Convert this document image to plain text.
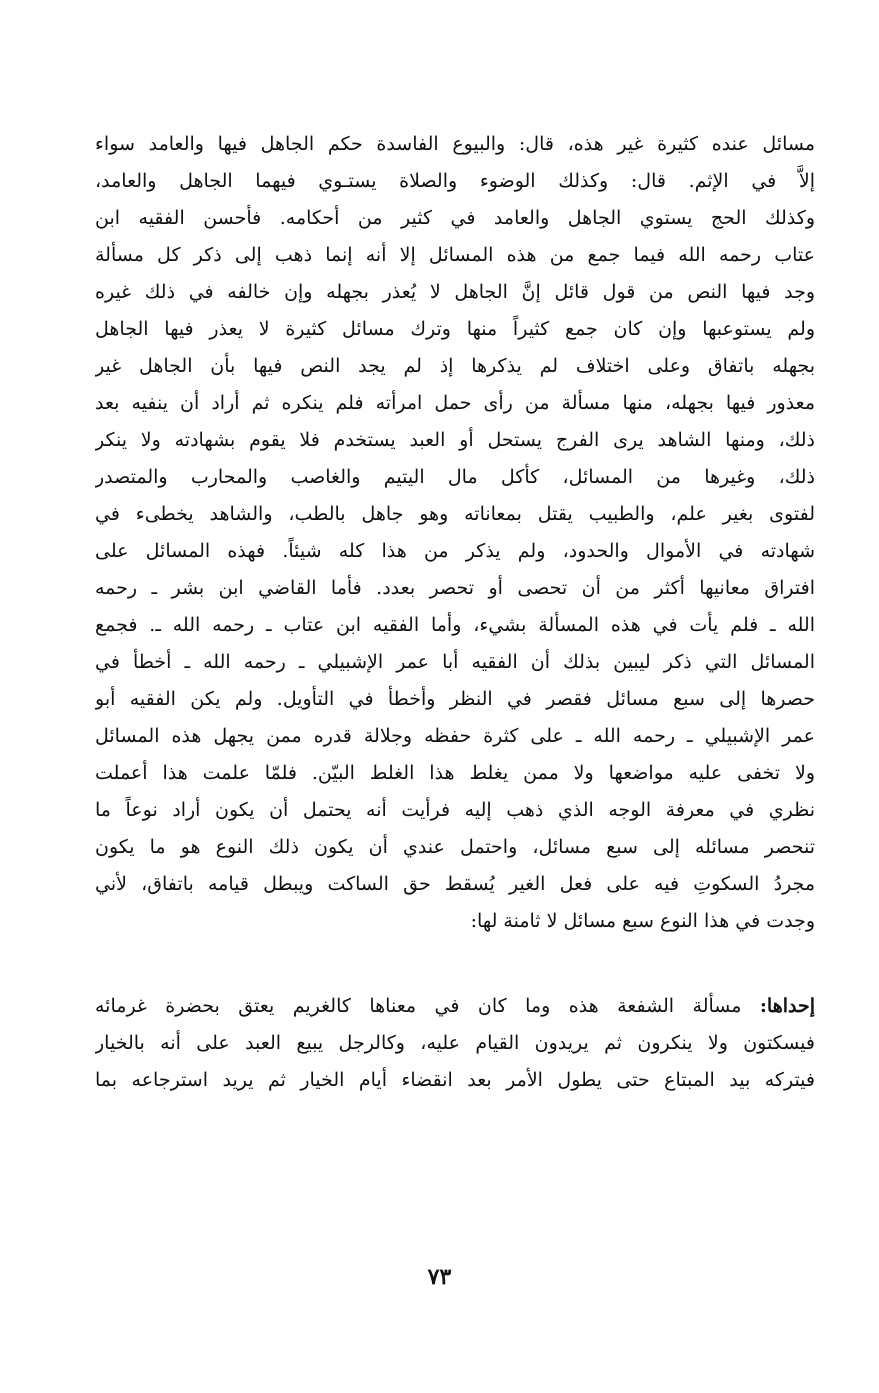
مسائل عنده كثيرة غير هذه، قال: والبيوع الفاسدة حكم الجاهل فيها والعامد سواء
إلاَّ في الإثم. قال: وكذلك الوضوء والصلاة يستـوي فيهما الجاهل والعامد،
وكذلك الحج يستوي الجاهل والعامد في كثير من أحكامه. فأحسن الفقيه ابن
عتاب رحمه الله فيما جمع من هذه المسائل إلا أنه إنما ذهب إلى ذكر كل مسألة
وجد فيها النص من قول قائل إنَّ الجاهل لا يُعذر بجهله وإن خالفه في ذلك غيره
ولم يستوعبها وإن كان جمع كثيراً منها وترك مسائل كثيرة لا يعذر فيها الجاهل
بجهله باتفاق وعلى اختلاف لم يذكرها إذ لم يجد النص فيها بأن الجاهل غير
معذور فيها بجهله، منها مسألة من رأى حمل امرأته فلم ينكره ثم أراد أن ينفيه بعد
ذلك، ومنها الشاهد يرى الفرج يستحل أو العبد يستخدم فلا يقوم بشهادته ولا ينكر
ذلك، وغيرها من المسائل، كأكل مال اليتيم والغاصب والمحارب والمتصدر
لفتوى بغير علم، والطبيب يقتل بمعاناته وهو جاهل بالطب، والشاهد يخطىء في
شهادته في الأموال والحدود، ولم يذكر من هذا كله شيئاً. فهذه المسائل على
افتراق معانيها أكثر من أن تحصى أو تحصر بعدد. فأما القاضي ابن بشر ـ رحمه
الله ـ فلم يأت في هذه المسألة بشيء، وأما الفقيه ابن عتاب ـ رحمه الله ـ. فجمع
المسائل التي ذكر ليبين بذلك أن الفقيه أبا عمر الإشبيلي ـ رحمه الله ـ أخطأ في
حصرها إلى سبع مسائل فقصر في النظر وأخطأ في التأويل. ولم يكن الفقيه أبو
عمر الإشبيلي ـ رحمه الله ـ على كثرة حفظه وجلالة قدره ممن يجهل هذه المسائل
ولا تخفى عليه مواضعها ولا ممن يغلط هذا الغلط البيّن. فلمّا علمت هذا أعملت
نظري في معرفة الوجه الذي ذهب إليه فرأيت أنه يحتمل أن يكون أراد نوعاً ما
تنحصر مسائله إلى سبع مسائل، واحتمل عندي أن يكون ذلك النوع هو ما يكون
مجردُ السكوتِ فيه على فعل الغير يُسقط حق الساكت ويبطل قيامه باتفاق، لأني
وجدت في هذا النوع سبع مسائل لا ثامنة لها:
إحداها: مسألة الشفعة هذه وما كان في معناها كالغريم يعتق بحضرة غرمائه
فيسكتون ولا ينكرون ثم يريدون القيام عليه، وكالرجل يبيع العبد على أنه بالخيار
فيتركه بيد المبتاع حتى يطول الأمر بعد انقضاء أيام الخيار ثم يريد استرجاعه بما
٧٣
